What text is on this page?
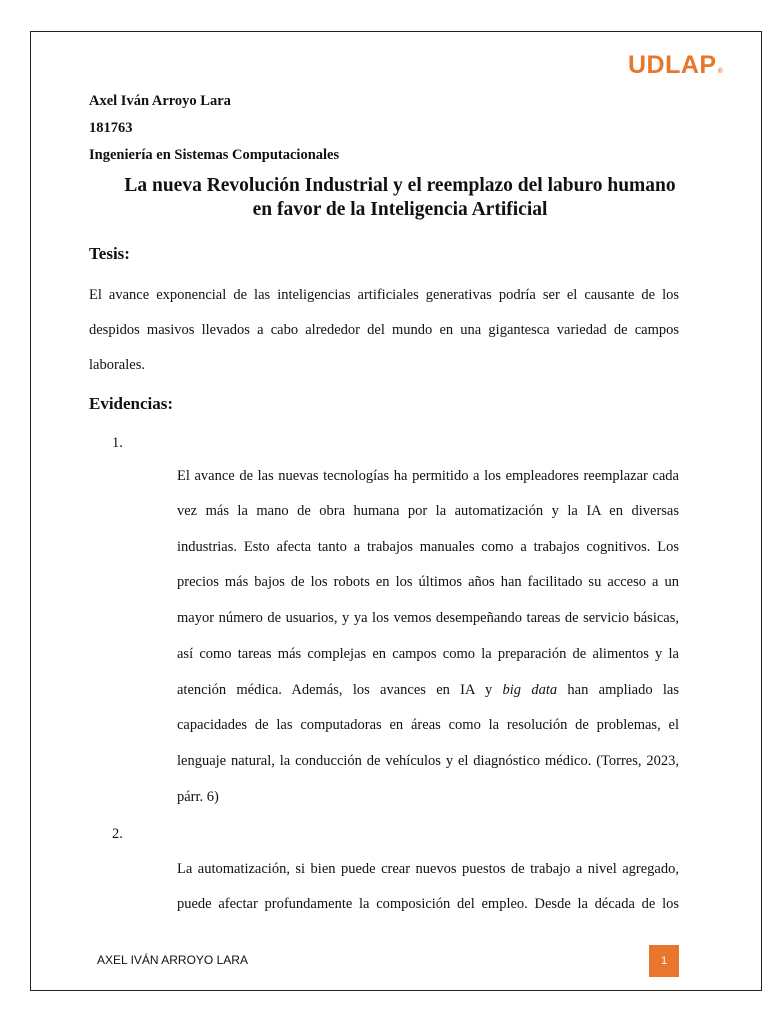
UDLAP®
Axel Iván Arroyo Lara
181763
Ingeniería en Sistemas Computacionales
La nueva Revolución Industrial y el reemplazo del laburo humano
en favor de la Inteligencia Artificial
Tesis:
El avance exponencial de las inteligencias artificiales generativas podría ser el causante de los
despidos masivos llevados a cabo alrededor del mundo en una gigantesca variedad de campos
laborales.
Evidencias:
1.
El avance de las nuevas tecnologías ha permitido a los empleadores reemplazar cada
vez más la mano de obra humana por la automatización y la IA en diversas
industrias. Esto afecta tanto a trabajos manuales como a trabajos cognitivos. Los
precios más bajos de los robots en los últimos años han facilitado su acceso a un
mayor número de usuarios, y ya los vemos desempeñando tareas de servicio básicas,
así como tareas más complejas en campos como la preparación de alimentos y la
atención médica. Además, los avances en IA y big data han ampliado las
capacidades de las computadoras en áreas como la resolución de problemas, el
lenguaje natural, la conducción de vehículos y el diagnóstico médico. (Torres, 2023,
párr. 6)
2.
La automatización, si bien puede crear nuevos puestos de trabajo a nivel agregado,
puede afectar profundamente la composición del empleo. Desde la década de los
AXEL IVÁN ARROYO LARA	1
